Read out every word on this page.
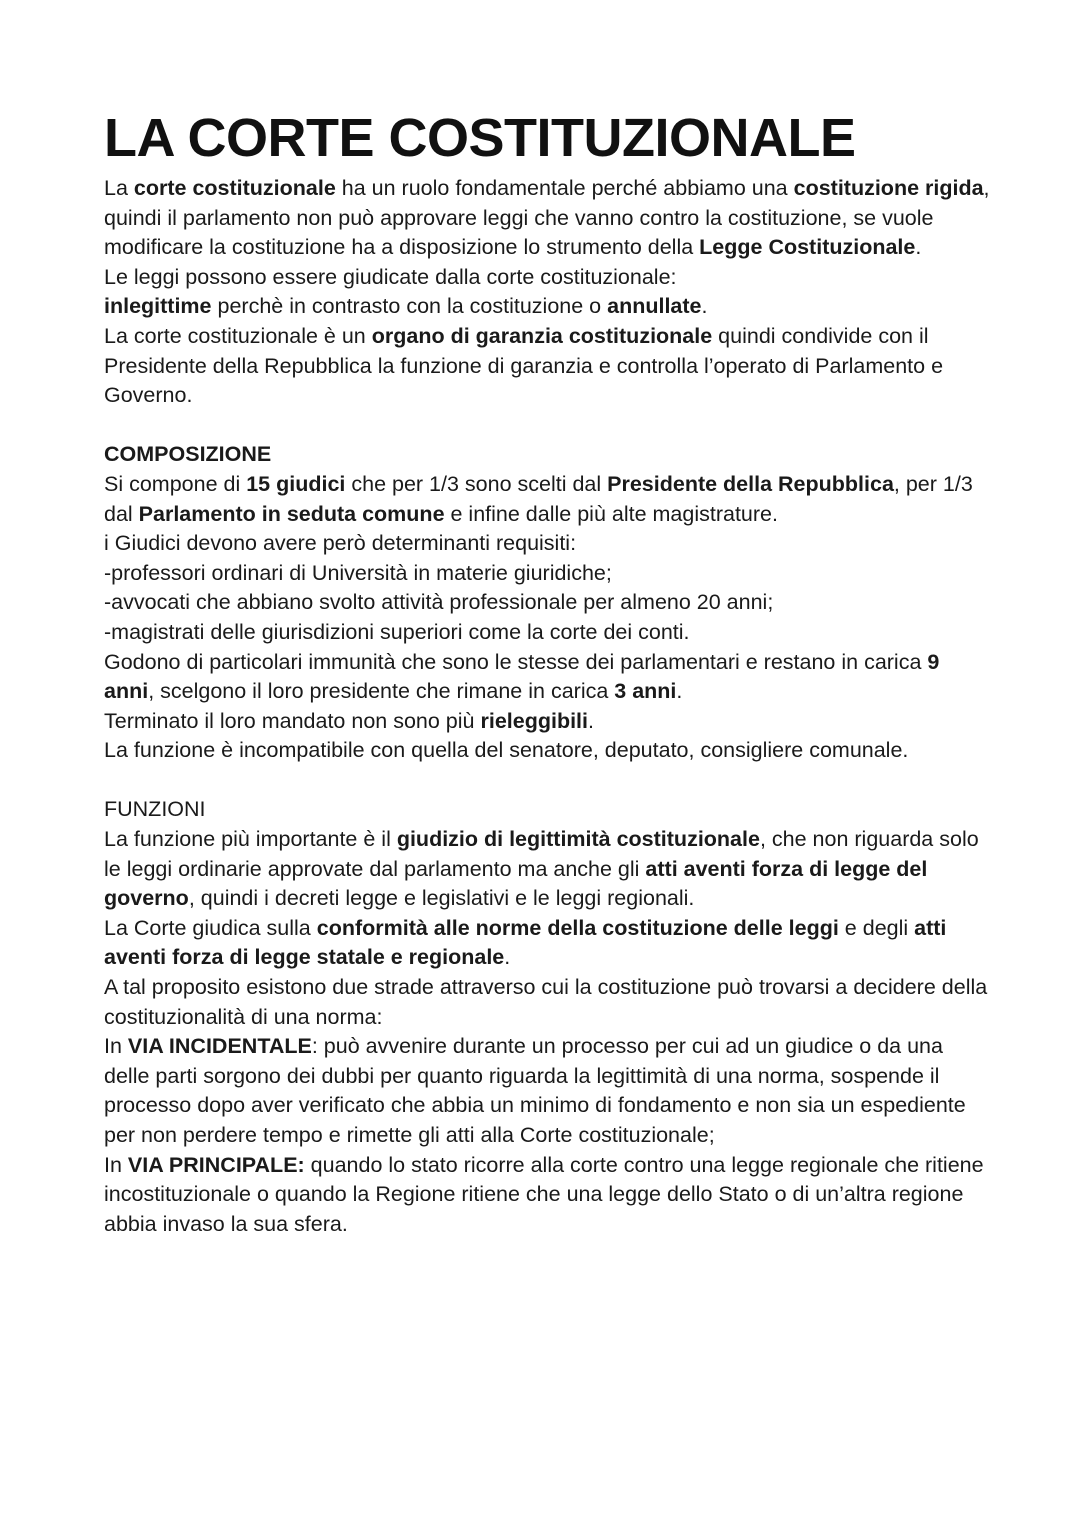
LA CORTE COSTITUZIONALE

La corte costituzionale ha un ruolo fondamentale perché abbiamo una costituzione rigida, quindi il parlamento non può approvare leggi che vanno contro la costituzione, se vuole modificare la costituzione ha a disposizione lo strumento della Legge Costituzionale.

Le leggi possono essere giudicate dalla corte costituzionale:

inlegittime perchè in contrasto con la costituzione o annullate.

La corte costituzionale è un organo di garanzia costituzionale quindi condivide con il Presidente della Repubblica la funzione di garanzia e controlla l’operato di Parlamento e Governo.

COMPOSIZIONE

Si compone di 15 giudici che per 1/3 sono scelti dal Presidente della Repubblica, per 1/3 dal Parlamento in seduta comune e infine dalle più alte magistrature.

i Giudici devono avere però determinanti requisiti:

-professori ordinari di Università in materie giuridiche;

-avvocati che abbiano svolto attività professionale per almeno 20 anni;

-magistrati delle giurisdizioni superiori come la corte dei conti.

Godono di particolari immunità che sono le stesse dei parlamentari e restano in carica 9 anni, scelgono il loro presidente che rimane in carica 3 anni.

Terminato il loro mandato non sono più rieleggibili.

La funzione è incompatibile con quella del senatore, deputato, consigliere comunale.

FUNZIONI

La funzione più importante è il giudizio di legittimità costituzionale, che non riguarda solo le leggi ordinarie approvate dal parlamento ma anche gli atti aventi forza di legge del governo, quindi i decreti legge e legislativi e le leggi regionali.

La Corte giudica sulla conformità alle norme della costituzione delle leggi e degli atti aventi forza di legge statale e regionale.

A tal proposito esistono due strade attraverso cui la costituzione può trovarsi a decidere della costituzionalità di una norma:

In VIA INCIDENTALE: può avvenire durante un processo per cui ad un giudice o da una delle parti sorgono dei dubbi per quanto riguarda la legittimità di una norma, sospende il processo dopo aver verificato che abbia un minimo di fondamento e non sia un espediente per non perdere tempo e rimette gli atti alla Corte costituzionale;

In VIA PRINCIPALE: quando lo stato ricorre alla corte contro una legge regionale che ritiene incostituzionale o quando la Regione ritiene che una legge dello Stato o di un’altra regione abbia invaso la sua sfera.
